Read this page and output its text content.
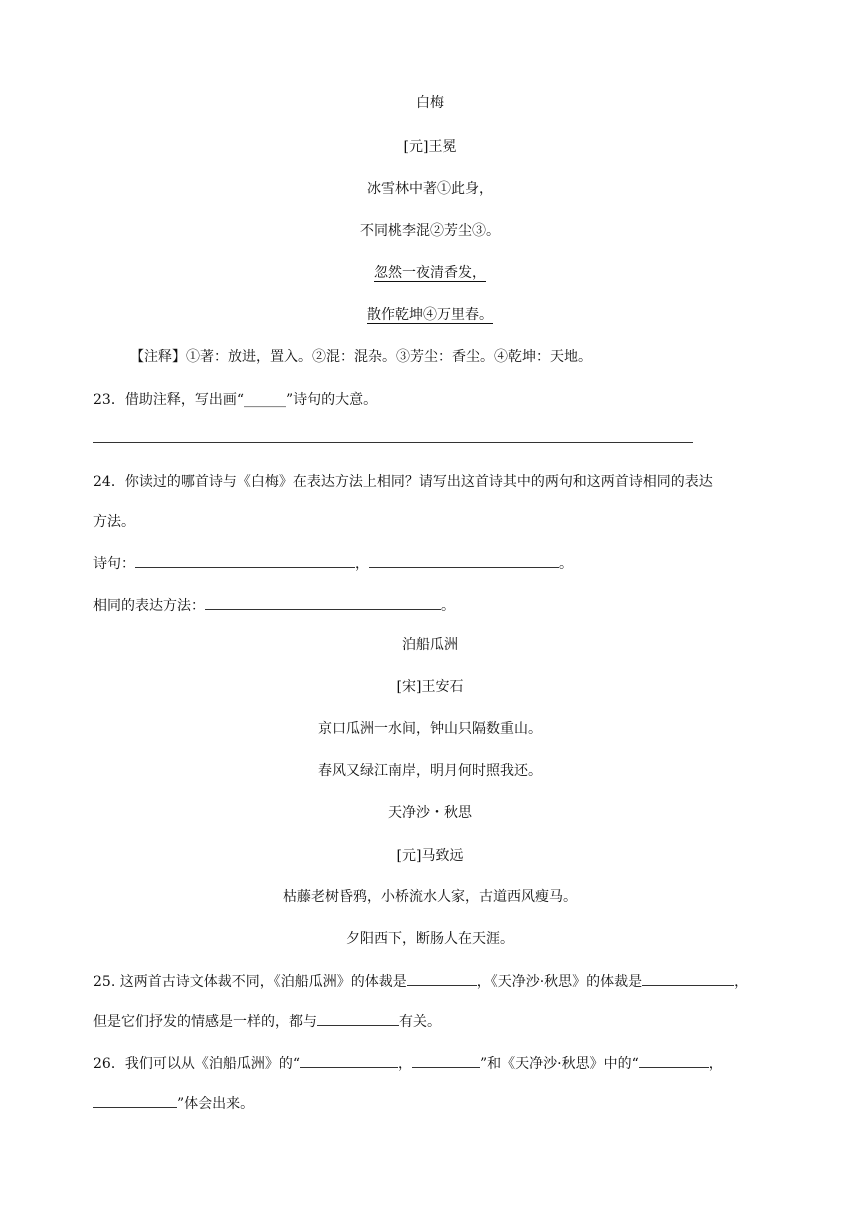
白梅
[元]王冕
冰雪林中著①此身，
不同桃李混②芳尘③。
忽然一夜清香发，
散作乾坤④万里春。
【注释】①著：放进，置入。②混：混杂。③芳尘：香尘。④乾坤：天地。
23．借助注释，写出画“______”诗句的大意。
24．你读过的哪首诗与《白梅》在表达方法上相同？请写出这首诗其中的两句和这两首诗相同的表达
方法。
诗句：	，	。
相同的表达方法：	。
泊船瓜洲
[宋]王安石
京口瓜洲一水间，钟山只隔数重山。
春风又绿江南岸，明月何时照我还。
天净沙・秋思
[元]马致远
枯藤老树昏鸦，小桥流水人家，古道西风瘦马。
夕阳西下，断肠人在天涯。
25. 这两首古诗文体裁不同，《泊船瓜洲》的体裁是	，《天净沙·秋思》的体裁是	，
但是它们抒发的情感是一样的，都与	有关。
26．我们可以从《泊船瓜洲》的“	，	”和《天净沙·秋思》中的“	，
”体会出来。
